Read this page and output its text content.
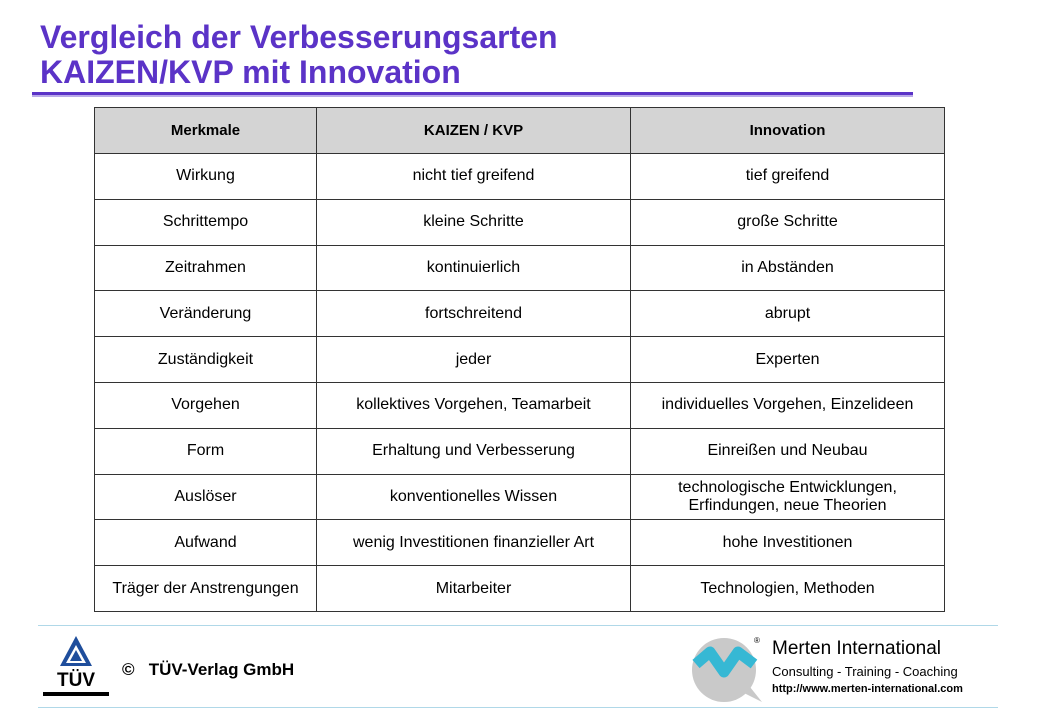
Vergleich der Verbesserungsarten
KAIZEN/KVP mit Innovation
Merkmale	KAIZEN / KVP	Innovation
Wirkung	nicht tief greifend	tief greifend
Schrittempo	kleine Schritte	große Schritte
Zeitrahmen	kontinuierlich	in Abständen
Veränderung	fortschreitend	abrupt
Zuständigkeit	jeder	Experten
Vorgehen	kollektives Vorgehen, Teamarbeit	individuelles Vorgehen, Einzelideen
Form	Erhaltung und Verbesserung	Einreißen und Neubau
Auslöser	konventionelles Wissen	technologische Entwicklungen, Erfindungen, neue Theorien
Aufwand	wenig Investitionen finanzieller Art	hohe Investitionen
Träger der Anstrengungen	Mitarbeiter	Technologien, Methoden
TÜV
©   TÜV-Verlag GmbH
® Merten International
Consulting - Training - Coaching
http://www.merten-international.com
